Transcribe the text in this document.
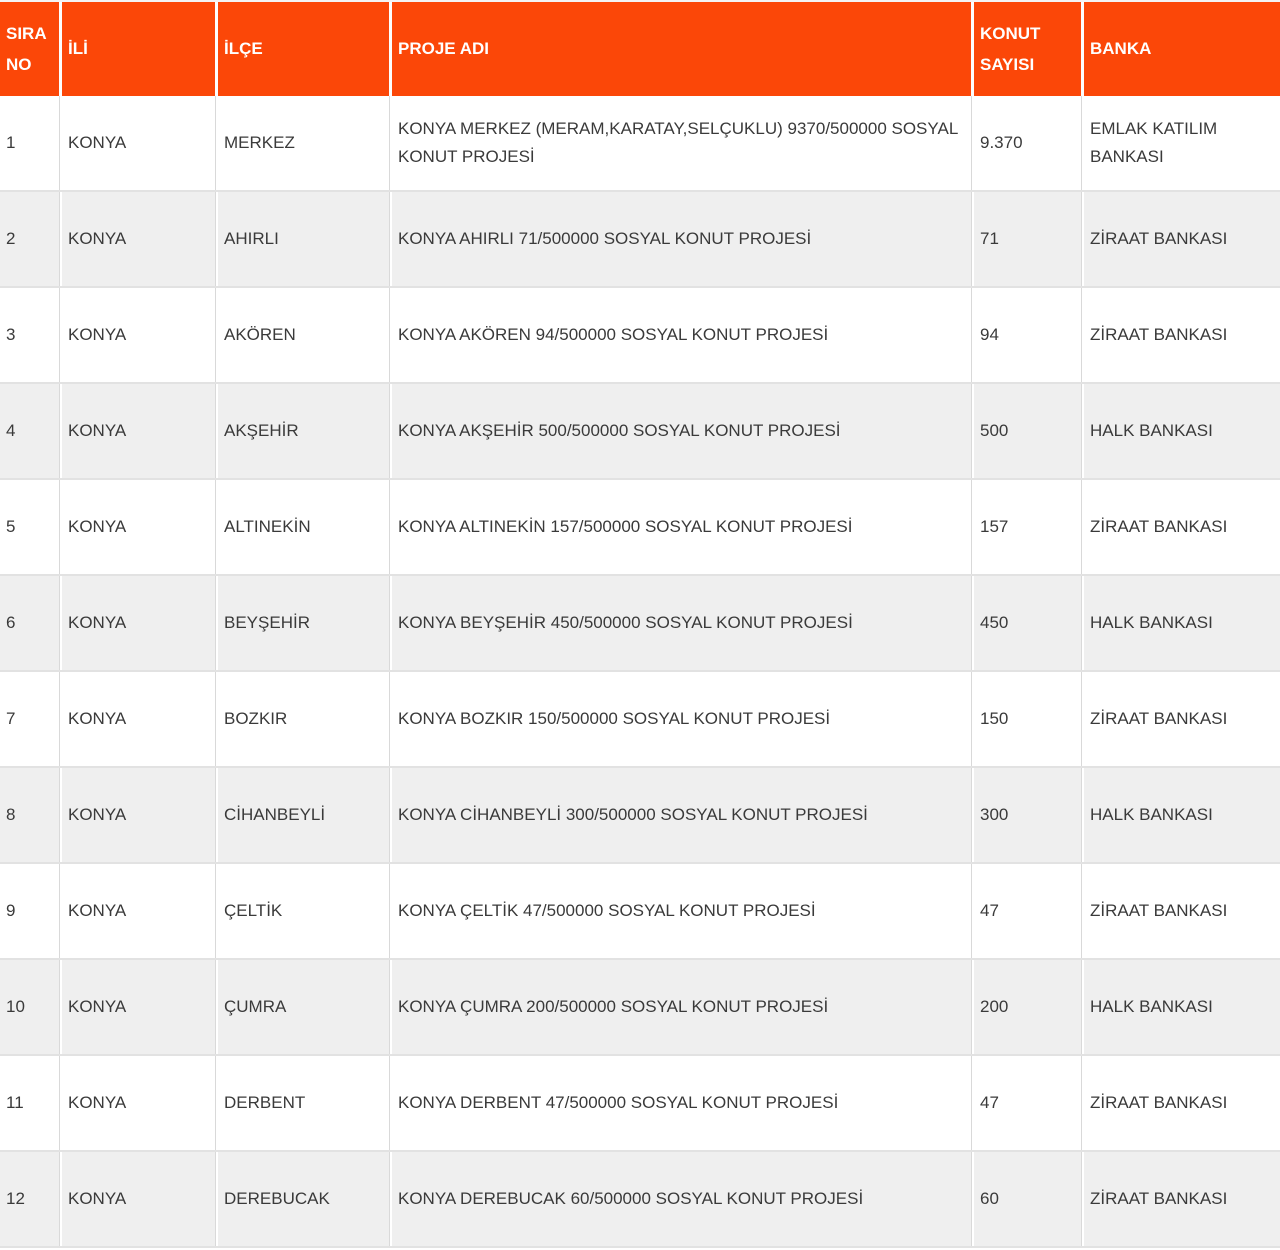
SIRA NO	İLİ	İLÇE	PROJE ADI	KONUT SAYISI	BANKA
1	KONYA	MERKEZ	KONYA MERKEZ (MERAM,KARATAY,SELÇUKLU) 9370/500000 SOSYAL KONUT PROJESİ	9.370	EMLAK KATILIM BANKASI
2	KONYA	AHIRLI	KONYA AHIRLI 71/500000 SOSYAL KONUT PROJESİ	71	ZİRAAT BANKASI
3	KONYA	AKÖREN	KONYA AKÖREN 94/500000 SOSYAL KONUT PROJESİ	94	ZİRAAT BANKASI
4	KONYA	AKŞEHİR	KONYA AKŞEHİR 500/500000 SOSYAL KONUT PROJESİ	500	HALK BANKASI
5	KONYA	ALTINEKİN	KONYA ALTINEKİN 157/500000 SOSYAL KONUT PROJESİ	157	ZİRAAT BANKASI
6	KONYA	BEYŞEHİR	KONYA BEYŞEHİR 450/500000 SOSYAL KONUT PROJESİ	450	HALK BANKASI
7	KONYA	BOZKIR	KONYA BOZKIR 150/500000 SOSYAL KONUT PROJESİ	150	ZİRAAT BANKASI
8	KONYA	CİHANBEYLİ	KONYA CİHANBEYLİ 300/500000 SOSYAL KONUT PROJESİ	300	HALK BANKASI
9	KONYA	ÇELTİK	KONYA ÇELTİK 47/500000 SOSYAL KONUT PROJESİ	47	ZİRAAT BANKASI
10	KONYA	ÇUMRA	KONYA ÇUMRA 200/500000 SOSYAL KONUT PROJESİ	200	HALK BANKASI
11	KONYA	DERBENT	KONYA DERBENT 47/500000 SOSYAL KONUT PROJESİ	47	ZİRAAT BANKASI
12	KONYA	DEREBUCAK	KONYA DEREBUCAK 60/500000 SOSYAL KONUT PROJESİ	60	ZİRAAT BANKASI
